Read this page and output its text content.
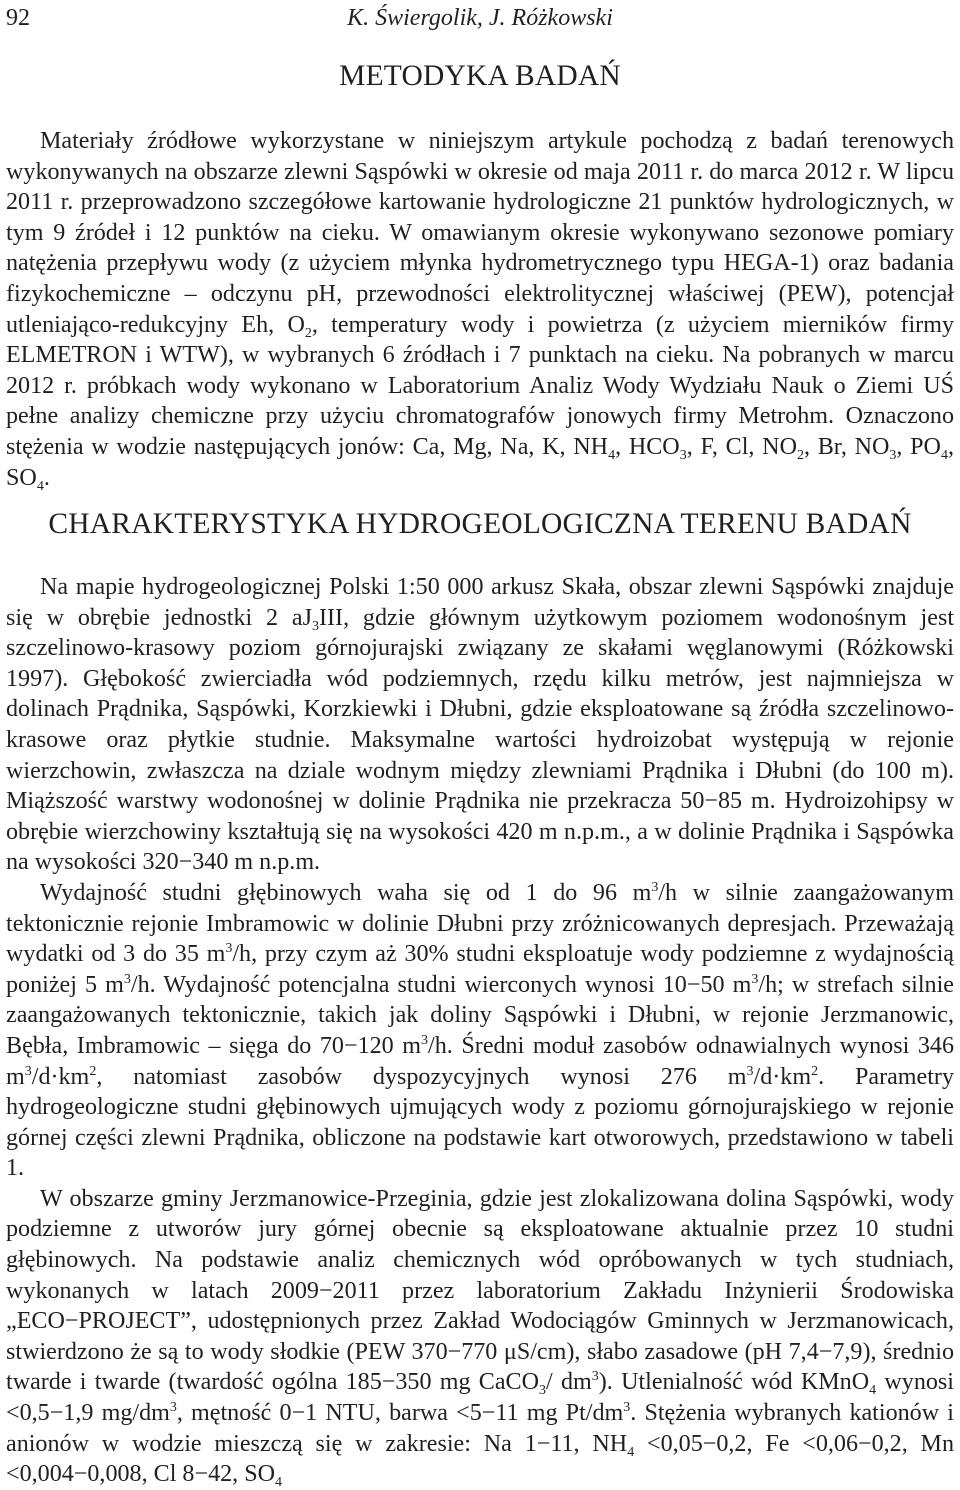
92	K. Świergolik, J. Różkowski
METODYKA BADAŃ

Materiały źródłowe wykorzystane w niniejszym artykule pochodzą z badań terenowych wykonywanych na obszarze zlewni Sąspówki w okresie od maja 2011 r. do marca 2012 r. W lipcu 2011 r. przeprowadzono szczegółowe kartowanie hydrologiczne 21 punktów hydrologicznych, w tym 9 źródeł i 12 punktów na cieku. W omawianym okresie wykonywano sezonowe pomiary natężenia przepływu wody (z użyciem młynka hydrometrycznego typu HEGA-1) oraz badania fizykochemiczne – odczynu pH, przewodności elektrolitycznej właściwej (PEW), potencjał utleniająco-redukcyjny Eh, $O_2$, temperatury wody i powietrza (z użyciem mierników firmy ELMETRON i WTW), w wybranych 6 źródłach i 7 punktach na cieku. Na pobranych w marcu 2012 r. próbkach wody wykonano w Laboratorium Analiz Wody Wydziału Nauk o Ziemi UŚ pełne analizy chemiczne przy użyciu chromatografów jonowych firmy Metrohm. Oznaczono stężenia w wodzie następujących jonów: Ca, Mg, Na, K, $NH_4$, $HCO_3$, F, Cl, $NO_2$, Br, $NO_3$, $PO_4$, $SO_4$.

CHARAKTERYSTYKA HYDROGEOLOGICZNA TERENU BADAŃ

Na mapie hydrogeologicznej Polski 1:50 000 arkusz Skała, obszar zlewni Sąspówki znajduje się w obrębie jednostki 2 $aJ_3III$, gdzie głównym użytkowym poziomem wodonośnym jest szczelinowo-krasowy poziom górnojurajski związany ze skałami węglanowymi (Różkowski 1997). Głębokość zwierciadła wód podziemnych, rzędu kilku metrów, jest najmniejsza w dolinach Prądnika, Sąspówki, Korzkiewki i Dłubni, gdzie eksploatowane są źródła szczelinowo-krasowe oraz płytkie studnie. Maksymalne wartości hydroizobat występują w rejonie wierzchowin, zwłaszcza na dziale wodnym między zlewniami Prądnika i Dłubni (do 100 m). Miąższość warstwy wodonośnej w dolinie Prądnika nie przekracza 50−85 m. Hydroizohipsy w obrębie wierzchowiny kształtują się na wysokości 420 m n.p.m., a w dolinie Prądnika i Sąspówka na wysokości 320−340 m n.p.m.

Wydajność studni głębinowych waha się od 1 do 96 $m^3/h$ w silnie zaangażowanym tektonicznie rejonie Imbramowic w dolinie Dłubni przy zróżnicowanych depresjach. Przeważają wydatki od 3 do 35 $m^3/h$, przy czym aż 30% studni eksploatuje wody podziemne z wydajnością poniżej 5 $m^3/h$. Wydajność potencjalna studni wierconych wynosi 10−50 $m^3/h$; w strefach silnie zaangażowanych tektonicznie, takich jak doliny Sąspówki i Dłubni, w rejonie Jerzmanowic, Bębła, Imbramowic – sięga do 70−120 $m^3/h$. Średni moduł zasobów odnawialnych wynosi 346 $m^3/d\cdot km^2$, natomiast zasobów dyspozycyjnych wynosi 276 $m^3/d\cdot km^2$. Parametry hydrogeologiczne studni głębinowych ujmujących wody z poziomu górnojurajskiego w rejonie górnej części zlewni Prądnika, obliczone na podstawie kart otworowych, przedstawiono w tabeli 1.

W obszarze gminy Jerzmanowice-Przeginia, gdzie jest zlokalizowana dolina Sąspówki, wody podziemne z utworów jury górnej obecnie są eksploatowane aktualnie przez 10 studni głębinowych. Na podstawie analiz chemicznych wód opróbowanych w tych studniach, wykonanych w latach 2009−2011 przez laboratorium Zakładu Inżynierii Środowiska „ECO−PROJECT”, udostępnionych przez Zakład Wodociągów Gminnych w Jerzmanowicach, stwierdzono że są to wody słodkie (PEW 370−770 μS/cm), słabo zasadowe (pH 7,4−7,9), średnio twarde i twarde (twardość ogólna 185−350 mg CaCO$_3$/ $dm^3$). Utlenialność wód KMnO$_4$ wynosi <0,5−1,9 $mg/dm^3$, mętność 0−1 NTU, barwa <5−11 mg $Pt/dm^3$. Stężenia wybranych kationów i anionów w wodzie mieszczą się w zakresie: Na 1−11, $NH_4 <0,05-0,2$, Fe <0,06−0,2, Mn <0,004−0,008, Cl 8−42, $SO_4$
